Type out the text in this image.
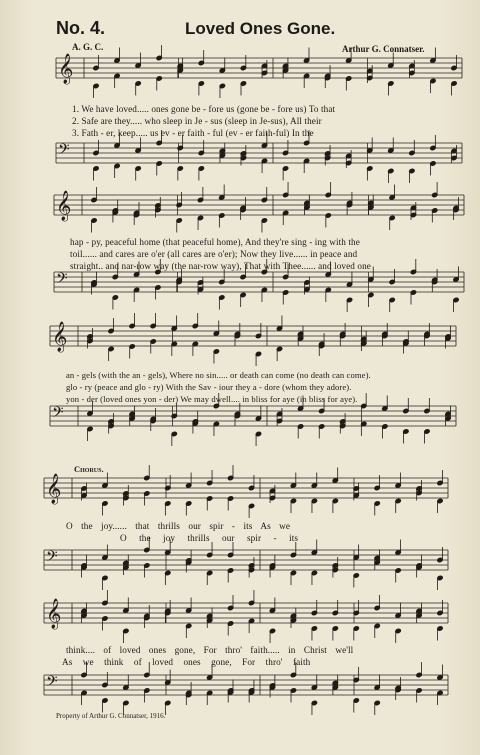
No. 4.	Loved Ones Gone.
A. G. C.	Arthur G. Connatser.
𝄞
𝄢
𝄞
𝄢
𝄞
𝄢
𝄞
𝄢
𝄞
𝄢
1. We have loved..... ones gone be - fore us (gone be - fore us) To that
2. Safe are they..... who sleep in Je - sus (sleep in Je-sus), All their
3. Fath - er, keep..... us ev - er faith - ful (ev - er faith-ful) In the
hap - py, peaceful home (that peaceful home), And they're sing - ing with the
toil...... and cares are o'er (all cares are o'er); Now they live...... in peace and
straight.. and nar-row way (the nar-row way), That with Thee...... and loved one
an - gels (with the an - gels), Where no sin..... or death can come (no death can come).
glo - ry (peace and glo - ry) With the Sav - iour they a - dore (whom they adore).
yon - der (loved ones yon - der) We may dwell.... in bliss for aye (in bliss for aye).
Chorus.
O the joy...... that thrills our spir - its As we
O the joy thrills our spir - its
think.... of loved ones gone, For thro' faith..... in Christ we'll
As we think of loved ones gone, For thro' faith
Property of Arthur G. Connatser, 1916.
